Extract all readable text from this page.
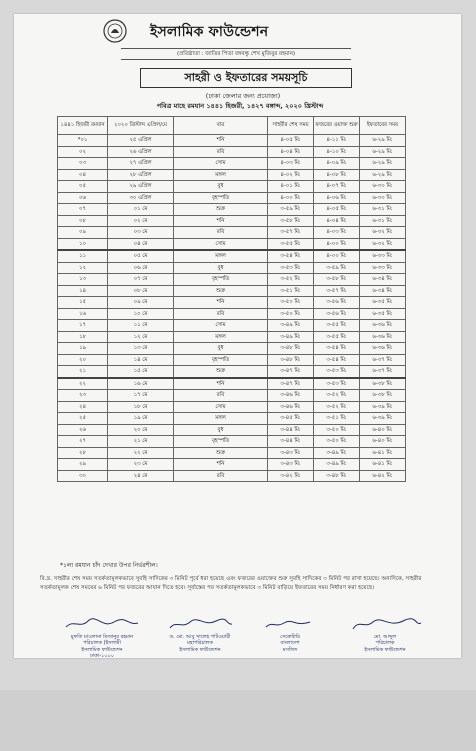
ইসলামিক ফাউন্ডেশন
(প্রতিষ্ঠাতা : জাতির পিতা বঙ্গবন্ধু শেখ মুজিবুর রহমান)
সাহরী ও ইফতারের সময়সূচি
(ঢাকা জেলার জন্য প্রযোজ্য)
পবিত্র মাহে রমযান ১৪৪১ হিজরী, ১৪২৭ বঙ্গাব্দ, ২০২০ খ্রিস্টাব্দ
১৪৪১ হিজরী রমযান	২০২০ খ্রিস্টাব্দ এপ্রিল/মে	বার	সাহরীর শেষ সময়	ফজরের ওয়াক্ত শুরু	ইফতারের সময়
*০১	২৫ এপ্রিল	শনি	৪-০৫ মি:	৪-১১ মি:	৬-২৯ মি:
০২	২৬ এপ্রিল	রবি	৪-০৪ মি:	৪-১০ মি:	৬-২৯ মি:
০৩	২৭ এপ্রিল	সোম	৪-০৩ মি:	৪-০৯ মি:	৬-২৯ মি:
০৪	২৮ এপ্রিল	মঙ্গল	৪-০২ মি:	৪-০৮ মি:	৬-২৯ মি:
০৫	২৯ এপ্রিল	বুধ	৪-০১ মি:	৪-০৭ মি:	৬-৩০ মি:
০৬	৩০ এপ্রিল	বৃহস্পতি	৪-০০ মি:	৪-০৬ মি:	৬-৩০ মি:
০৭	০১ মে	শুক্র	৩-৫৯ মি:	৪-০৫ মি:	৬-৩১ মি:
০৮	০২ মে	শনি	৩-৫৮ মি:	৪-০৪ মি:	৬-৩১ মি:
০৯	০৩ মে	রবি	৩-৫৭ মি:	৪-০৩ মি:	৬-৩২ মি:
১০	০৪ মে	সোম	৩-৫৫ মি:	৪-০০ মি:	৬-৩২ মি:
১১	০৫ মে	মঙ্গল	৩-৫৪ মি:	৪-০০ মি:	৬-৩৩ মি:
১২	০৬ মে	বুধ	৩-৫৩ মি:	৩-৫৯ মি:	৬-৩৩ মি:
১৩	০৭ মে	বৃহস্পতি	৩-৫২ মি:	৩-৫৮ মি:	৬-৩৪ মি:
১৪	০৮ মে	শুক্র	৩-৫১ মি:	৩-৫৭ মি:	৬-৩৪ মি:
১৫	০৯ মে	শনি	৩-৫০ মি:	৩-৫৬ মি:	৬-৩৫ মি:
১৬	১০ মে	রবি	৩-৫০ মি:	৩-৫৬ মি:	৬-৩৫ মি:
১৭	১১ মে	সোম	৩-৪৯ মি:	৩-৫৫ মি:	৬-৩৬ মি:
১৮	১২ মে	মঙ্গল	৩-৪৯ মি:	৩-৫৫ মি:	৬-৩৬ মি:
১৯	১৩ মে	বুধ	৩-৪৮ মি:	৩-৫৪ মি:	৬-৩৬ মি:
২০	১৪ মে	বৃহস্পতি	৩-৪৮ মি:	৩-৫৪ মি:	৬-৩৭ মি:
২১	১৫ মে	শুক্র	৩-৪৭ মি:	৩-৫৩ মি:	৬-৩৭ মি:
২২	১৬ মে	শনি	৩-৪৭ মি:	৩-৫৩ মি:	৬-৩৮ মি:
২৩	১৭ মে	রবি	৩-৪৬ মি:	৩-৫২ মি:	৬-৩৮ মি:
২৪	১৮ মে	সোম	৩-৪৬ মি:	৩-৫২ মি:	৬-৩৯ মি:
২৫	১৯ মে	মঙ্গল	৩-৪৫ মি:	৩-৫১ মি:	৬-৩৯ মি:
২৬	২০ মে	বুধ	৩-৪৪ মি:	৩-৫০ মি:	৬-৪০ মি:
২৭	২১ মে	বৃহস্পতি	৩-৪৪ মি:	৩-৫০ মি:	৬-৪০ মি:
২৮	২২ মে	শুক্র	৩-৪৩ মি:	৩-৪৯ মি:	৬-৪১ মি:
২৯	২৩ মে	শনি	৩-৪৩ মি:	৩-৪৯ মি:	৬-৪১ মি:
৩০	২৪ মে	রবি	৩-৪২ মি:	৩-৪৮ মি:	৬-৪২ মি:
*১লা রমযান চাঁদ দেখার উপর নির্ভরশীল।
বি.দ্র. সাহরীর শেষ সময় সতর্কতামূলকভাবে সুবহি সাদিকের ৩ মিনিট পূর্বে ধরা হয়েছে এবং ফজরের ওয়াক্তের শুরু সুবহি সাদিকের ৩ মিনিট পর রাখা হয়েছে। অন্যদিকে, সাহরীর সতর্কতামূলক শেষ সময়ের ৬ মিনিট পর ফজরের আযান দিতে হবে। সূর্যাস্তের পর সতর্কতামূলকভাবে ৩ মিনিট বাড়িয়ে ইফতারের সময় নির্ধারণ করা হয়েছে।
মুফতি মাওলানা মিজানুর রহমান
পরিচালক (ইসলামী
ইসলামিক ফাউন্ডেশন
ঢাকা-১০০০
ড. মো. আবু সালেহ পাটওয়ারী
মহাপরিচালক
ইসলামিক ফাউন্ডেশন
সেক্রেটারি
বাংলাদেশ
মসজিদ
মো. আব্দুল
পরিচালক
ইসলামিক ফাউন্ডেশন
